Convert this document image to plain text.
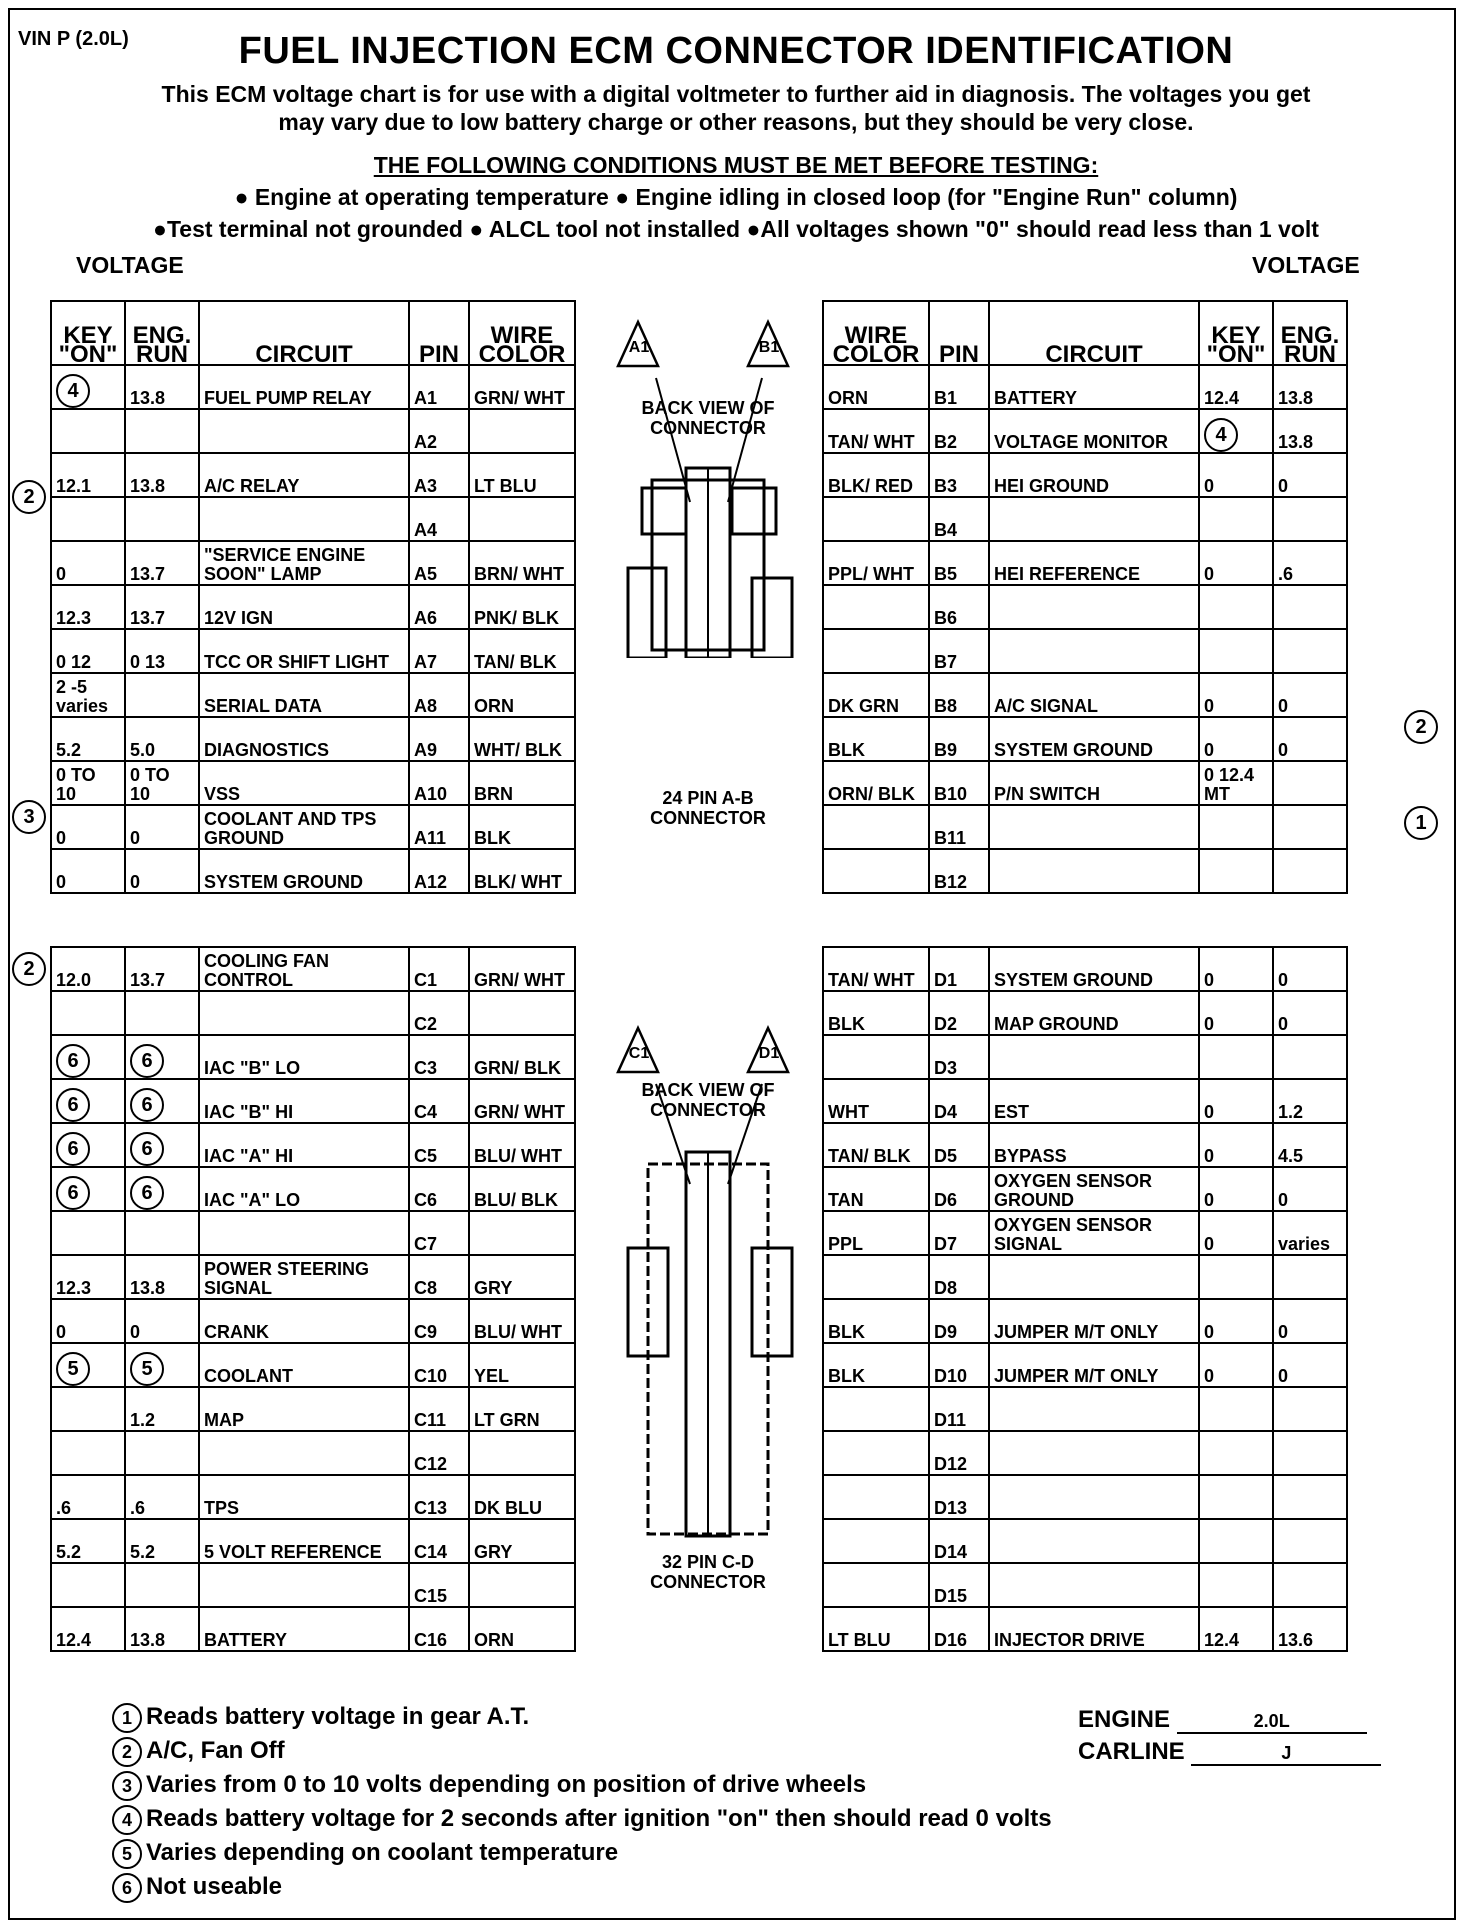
VIN P (2.0L)	FUEL INJECTION ECM CONNECTOR IDENTIFICATION
This ECM voltage chart is for use with a digital voltmeter to further aid in diagnosis. The voltages you get
may vary due to low battery charge or other reasons, but they should be very close.
THE FOLLOWING CONDITIONS MUST BE MET BEFORE TESTING:
● Engine at operating temperature ● Engine idling in closed loop (for "Engine Run" column)
●Test terminal not grounded ● ALCL tool not installed ●All voltages shown "0" should read less than 1 volt
VOLTAGE	VOLTAGE
KEY "ON"	ENG. RUN	CIRCUIT	PIN	WIRE COLOR
4	13.8	FUEL PUMP RELAY	A1	GRN/ WHT
			A2	
12.1	13.8	A/C RELAY	A3	LT BLU
			A4	
0	13.7	"SERVICE ENGINE SOON" LAMP	A5	BRN/ WHT
12.3	13.7	12V IGN	A6	PNK/ BLK
0 12	0 13	TCC OR SHIFT LIGHT	A7	TAN/ BLK
2 -5 varies		SERIAL DATA	A8	ORN
5.2	5.0	DIAGNOSTICS	A9	WHT/ BLK
0 TO 10	0 TO 10	VSS	A10	BRN
0	0	COOLANT AND TPS GROUND	A11	BLK
0	0	SYSTEM GROUND	A12	BLK/ WHT
WIRE COLOR	PIN	CIRCUIT	KEY "ON"	ENG. RUN
ORN	B1	BATTERY	12.4	13.8
TAN/ WHT	B2	VOLTAGE MONITOR	4	13.8
BLK/ RED	B3	HEI GROUND	0	0
	B4			
PPL/ WHT	B5	HEI REFERENCE	0	.6
	B6			
	B7			
DK GRN	B8	A/C SIGNAL	0	0
BLK	B9	SYSTEM GROUND	0	0
ORN/ BLK	B10	P/N SWITCH	0 12.4 MT	
	B11			
	B12			
12.0	13.7	COOLING FAN CONTROL	C1	GRN/ WHT
			C2	
6	6	IAC "B" LO	C3	GRN/ BLK
6	6	IAC "B" HI	C4	GRN/ WHT
6	6	IAC "A" HI	C5	BLU/ WHT
6	6	IAC "A" LO	C6	BLU/ BLK
			C7	
12.3	13.8	POWER STEERING SIGNAL	C8	GRY
0	0	CRANK	C9	BLU/ WHT
5	5	COOLANT	C10	YEL
	1.2	MAP	C11	LT GRN
			C12	
.6	.6	TPS	C13	DK BLU
5.2	5.2	5 VOLT REFERENCE	C14	GRY
			C15	
12.4	13.8	BATTERY	C16	ORN
TAN/ WHT	D1	SYSTEM GROUND	0	0
BLK	D2	MAP GROUND	0	0
	D3			
WHT	D4	EST	0	1.2
TAN/ BLK	D5	BYPASS	0	4.5
TAN	D6	OXYGEN SENSOR GROUND	0	0
PPL	D7	OXYGEN SENSOR SIGNAL	0	varies
	D8			
BLK	D9	JUMPER M/T ONLY	0	0
BLK	D10	JUMPER M/T ONLY	0	0
	D11			
	D12			
	D13			
	D14			
	D15			
LT BLU	D16	INJECTOR DRIVE	12.4	13.6
2
3
2
2
1
BACK VIEW OF CONNECTOR
A1	B1
24 PIN A-B CONNECTOR
BACK VIEW OF CONNECTOR
C1	D1
32 PIN C-D CONNECTOR
1 Reads battery voltage in gear A.T.
2 A/C, Fan Off
3 Varies from 0 to 10 volts depending on position of drive wheels
4 Reads battery voltage for 2 seconds after ignition "on" then should read 0 volts
5 Varies depending on coolant temperature
6 Not useable
ENGINE	2.0L
CARLINE	J
